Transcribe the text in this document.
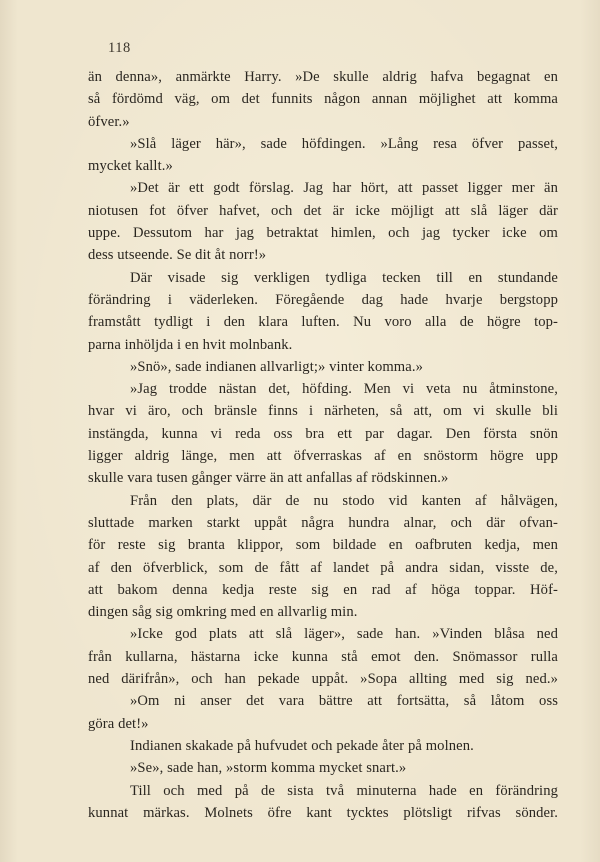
118
än denna», anmärkte Harry. »De skulle aldrig hafva begagnat en
så fördömd väg, om det funnits någon annan möjlighet att komma
öfver.»
»Slå läger här», sade höfdingen. »Lång resa öfver passet,
mycket kallt.»
»Det är ett godt förslag. Jag har hört, att passet ligger mer än
niotusen fot öfver hafvet, och det är icke möjligt att slå läger där
uppe. Dessutom har jag betraktat himlen, och jag tycker icke om
dess utseende. Se dit åt norr!»
Där visade sig verkligen tydliga tecken till en stundande
förändring i väderleken. Föregående dag hade hvarje bergstopp
framstått tydligt i den klara luften. Nu voro alla de högre top-
parna inhöljda i en hvit molnbank.
»Snö», sade indianen allvarligt;» vinter komma.»
»Jag trodde nästan det, höfding. Men vi veta nu åtminstone,
hvar vi äro, och bränsle finns i närheten, så att, om vi skulle bli
instängda, kunna vi reda oss bra ett par dagar. Den första snön
ligger aldrig länge, men att öfverraskas af en snöstorm högre upp
skulle vara tusen gånger värre än att anfallas af rödskinnen.»
Från den plats, där de nu stodo vid kanten af hålvägen,
sluttade marken starkt uppåt några hundra alnar, och där ofvan-
för reste sig branta klippor, som bildade en oafbruten kedja, men
af den öfverblick, som de fått af landet på andra sidan, visste de,
att bakom denna kedja reste sig en rad af höga toppar. Höf-
dingen såg sig omkring med en allvarlig min.
»Icke god plats att slå läger», sade han. »Vinden blåsa ned
från kullarna, hästarna icke kunna stå emot den. Snömassor rulla
ned därifrån», och han pekade uppåt. »Sopa allting med sig ned.»
»Om ni anser det vara bättre att fortsätta, så låtom oss
göra det!»
Indianen skakade på hufvudet och pekade åter på molnen.
»Se», sade han, »storm komma mycket snart.»
Till och med på de sista två minuterna hade en förändring
kunnat märkas. Molnets öfre kant tycktes plötsligt rifvas sönder.
